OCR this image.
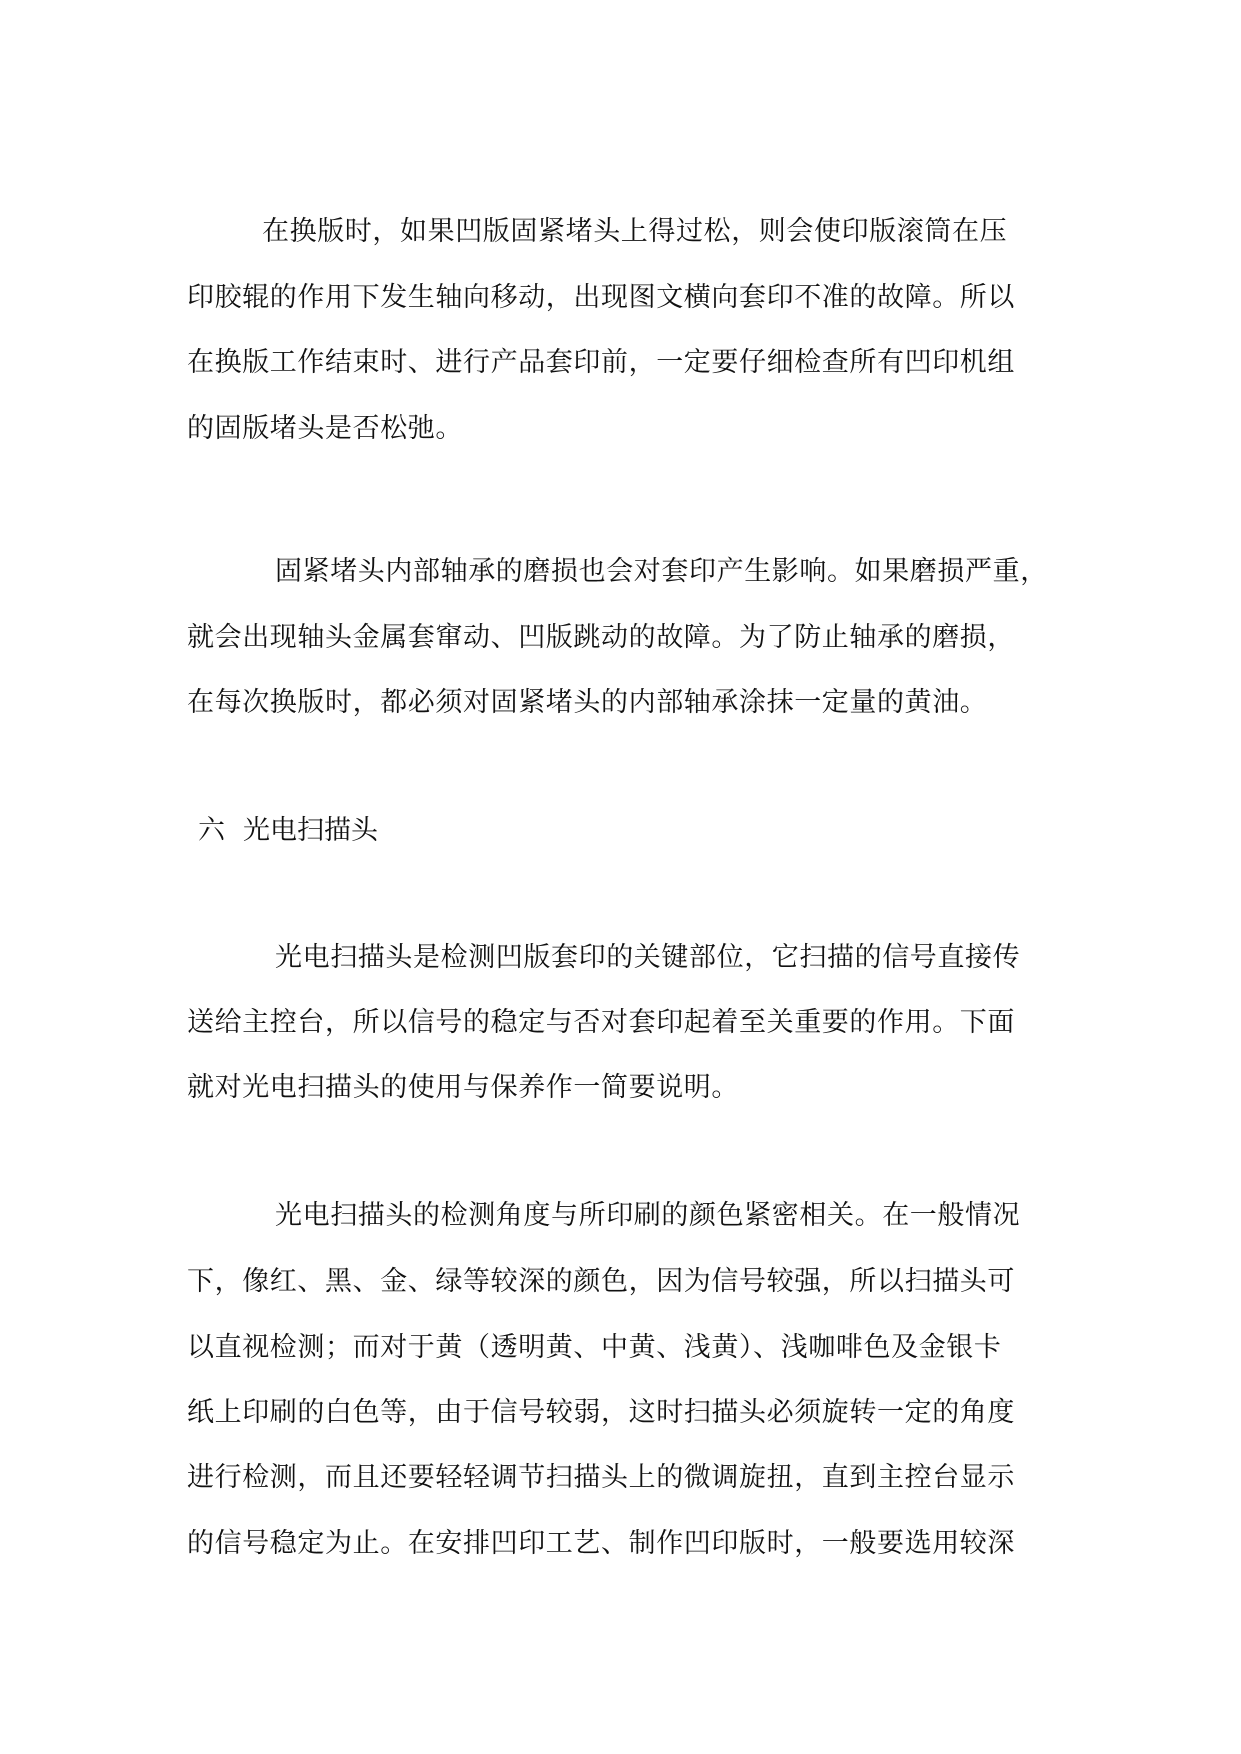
在换版时，如果凹版固紧堵头上得过松，则会使印版滚筒在压
印胶辊的作用下发生轴向移动，出现图文横向套印不准的故障。所以
在换版工作结束时、进行产品套印前，一定要仔细检查所有凹印机组
的固版堵头是否松弛。
固紧堵头内部轴承的磨损也会对套印产生影响。如果磨损严重，
就会出现轴头金属套窜动、凹版跳动的故障。为了防止轴承的磨损，
在每次换版时，都必须对固紧堵头的内部轴承涂抹一定量的黄油。
六 光电扫描头
光电扫描头是检测凹版套印的关键部位，它扫描的信号直接传
送给主控台，所以信号的稳定与否对套印起着至关重要的作用。下面
就对光电扫描头的使用与保养作一简要说明。
光电扫描头的检测角度与所印刷的颜色紧密相关。在一般情况
下，像红、黑、金、绿等较深的颜色，因为信号较强，所以扫描头可
以直视检测；而对于黄（透明黄、中黄、浅黄）、浅咖啡色及金银卡
纸上印刷的白色等，由于信号较弱，这时扫描头必须旋转一定的角度
进行检测，而且还要轻轻调节扫描头上的微调旋扭，直到主控台显示
的信号稳定为止。在安排凹印工艺、制作凹印版时，一般要选用较深
